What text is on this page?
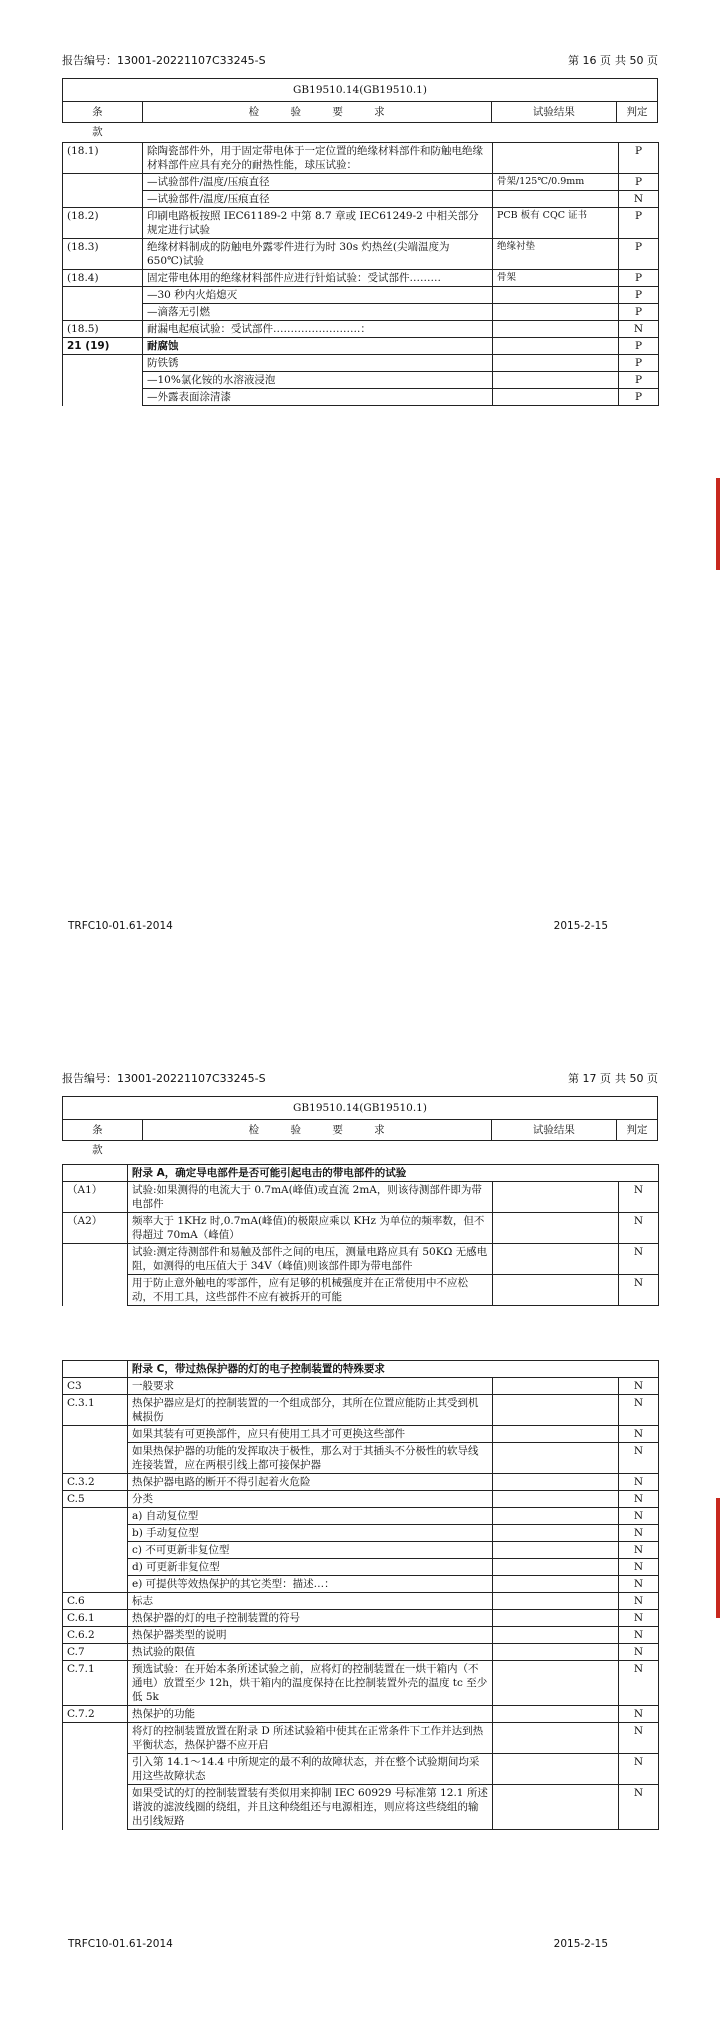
报告编号：13001-20221107C33245-S	第 16 页 共 50 页
GB19510.14(GB19510.1)
条 款
检 验 要 求	试验结果	判定
(18.1)	除陶瓷部件外，用于固定带电体于一定位置的绝缘材料部件和防触电绝缘材料部件应具有充分的耐热性能，球压试验：		P
	—试验部件/温度/压痕直径	骨架/125℃/0.9mm	P
	—试验部件/温度/压痕直径		N
(18.2)	印刷电路板按照 IEC61189-2 中第 8.7 章或 IEC61249-2 中相关部分规定进行试验	PCB 板有 CQC 证书	P
(18.3)	绝缘材料制成的防触电外露零件进行为时 30s 灼热丝(尖端温度为 650℃)试验	绝缘衬垫	P
(18.4)	固定带电体用的绝缘材料部件应进行针焰试验：受试部件………	骨架	P
	—30 秒内火焰熄灭		P
	—滴落无引燃		P
(18.5)	耐漏电起痕试验：受试部件…………………….：		N
21 (19)	耐腐蚀		P
	防铁锈		P
	—10%氯化铵的水溶液浸泡		P
	—外露表面涂清漆		P
TRFC10-01.61-2014	2015-2-15
报告编号：13001-20221107C33245-S	第 17 页 共 50 页
GB19510.14(GB19510.1)
条 款
检 验 要 求	试验结果	判定
	附录 A，确定导电部件是否可能引起电击的带电部件的试验		
（A1）	试验:如果测得的电流大于 0.7mA(峰值)或直流 2mA，则该待测部件即为带电部件		N
（A2）	频率大于 1KHz 时,0.7mA(峰值)的极限应乘以 KHz 为单位的频率数，但不得超过 70mA（峰值）		N
	试验:测定待测部件和易触及部件之间的电压，测量电路应具有 50KΩ 无感电阻，如测得的电压值大于 34V（峰值)则该部件即为带电部件		N
	用于防止意外触电的零部件，应有足够的机械强度并在正常使用中不应松动，不用工具，这些部件不应有被拆开的可能		N
	附录 C，带过热保护器的灯的电子控制装置的特殊要求		
C3	一般要求		N
C.3.1	热保护器应是灯的控制装置的一个组成部分，其所在位置应能防止其受到机械损伤		N
	如果其装有可更换部件，应只有使用工具才可更换这些部件		N
	如果热保护器的功能的发挥取决于极性，那么对于其插头不分极性的软导线连接装置，应在两根引线上都可接保护器		N
C.3.2	热保护器电路的断开不得引起着火危险		N
C.5	分类		N
	a) 自动复位型		N
	b) 手动复位型		N
	c) 不可更新非复位型		N
	d) 可更新非复位型		N
	e) 可提供等效热保护的其它类型：描述…：		N
C.6	标志		N
C.6.1	热保护器的灯的电子控制装置的符号		N
C.6.2	热保护器类型的说明		N
C.7	热试验的限值		N
C.7.1	预选试验：在开始本条所述试验之前，应将灯的控制装置在一烘干箱内（不通电）放置至少 12h，烘干箱内的温度保持在比控制装置外壳的温度 tc 至少低 5k		N
C.7.2	热保护的功能		N
	将灯的控制装置放置在附录 D 所述试验箱中使其在正常条件下工作并达到热平衡状态，热保护器不应开启		N
	引入第 14.1～14.4 中所规定的最不利的故障状态，并在整个试验期间均采用这些故障状态		N
	如果受试的灯的控制装置装有类似用来抑制 IEC 60929 号标准第 12.1 所述谐波的滤波线圈的绕组，并且这种绕组还与电源相连，则应将这些绕组的输出引线短路		N
TRFC10-01.61-2014	2015-2-15
